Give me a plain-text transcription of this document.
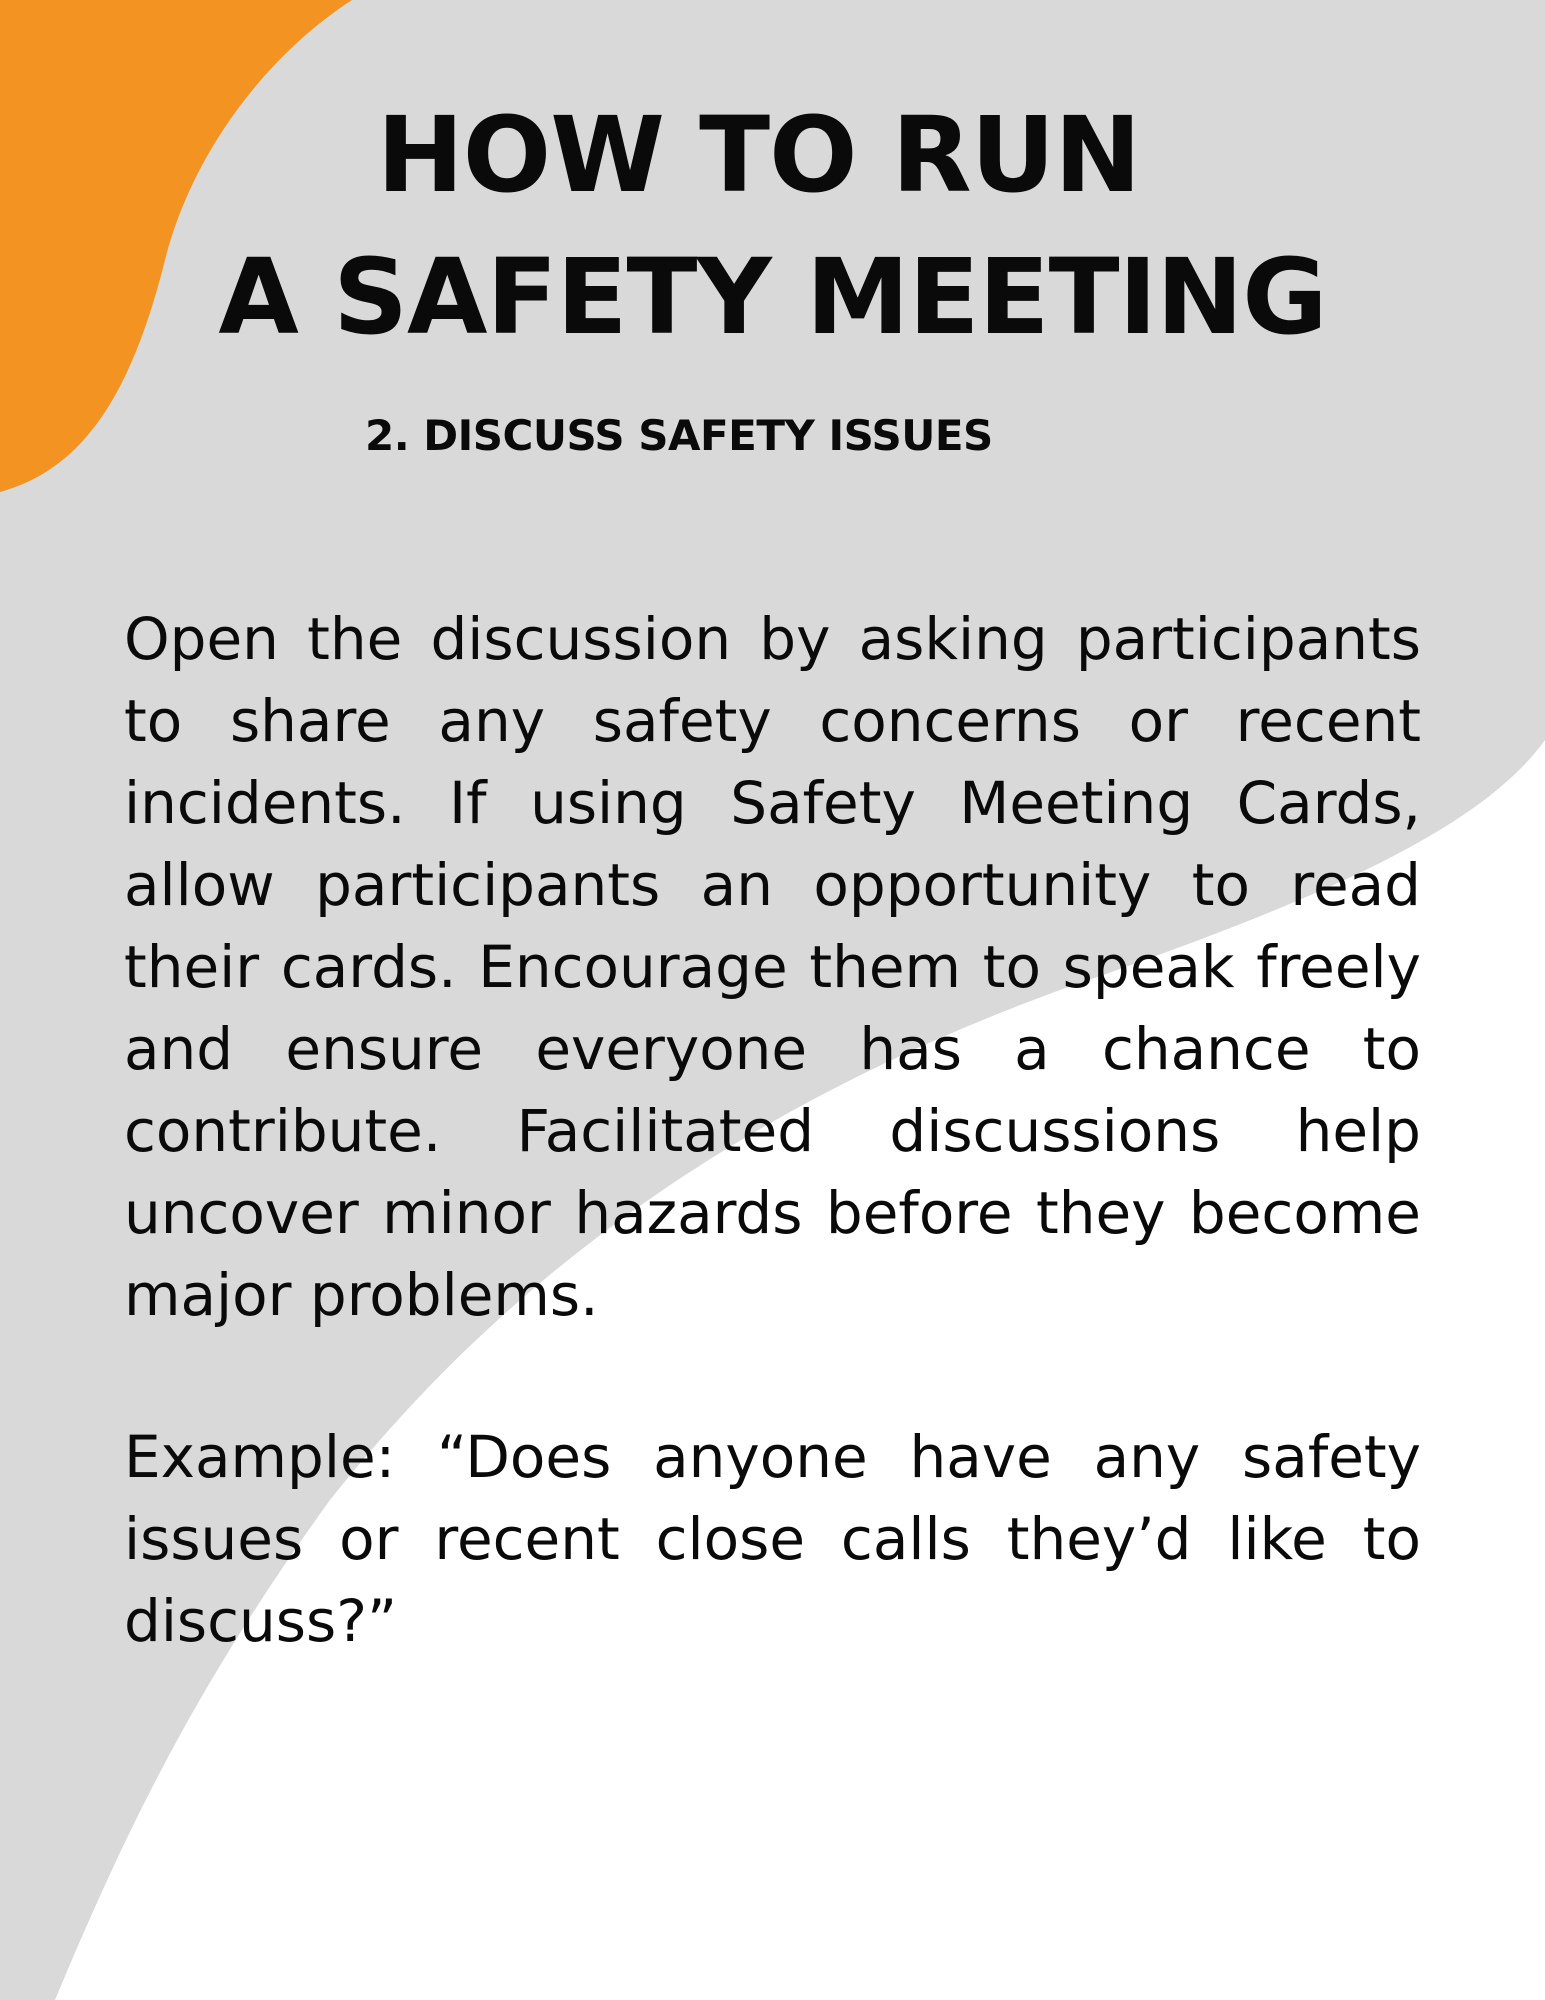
HOW TO RUN
A SAFETY MEETING
2. DISCUSS SAFETY ISSUES
Open the discussion by asking participants to share any safety concerns or recent incidents. If using Safety Meeting Cards, allow participants an opportunity to read their cards. Encourage them to speak freely and ensure everyone has a chance to contribute. Facilitated discussions help uncover minor hazards before they become major problems.
Example: “Does anyone have any safety issues or recent close calls they’d like to discuss?”
